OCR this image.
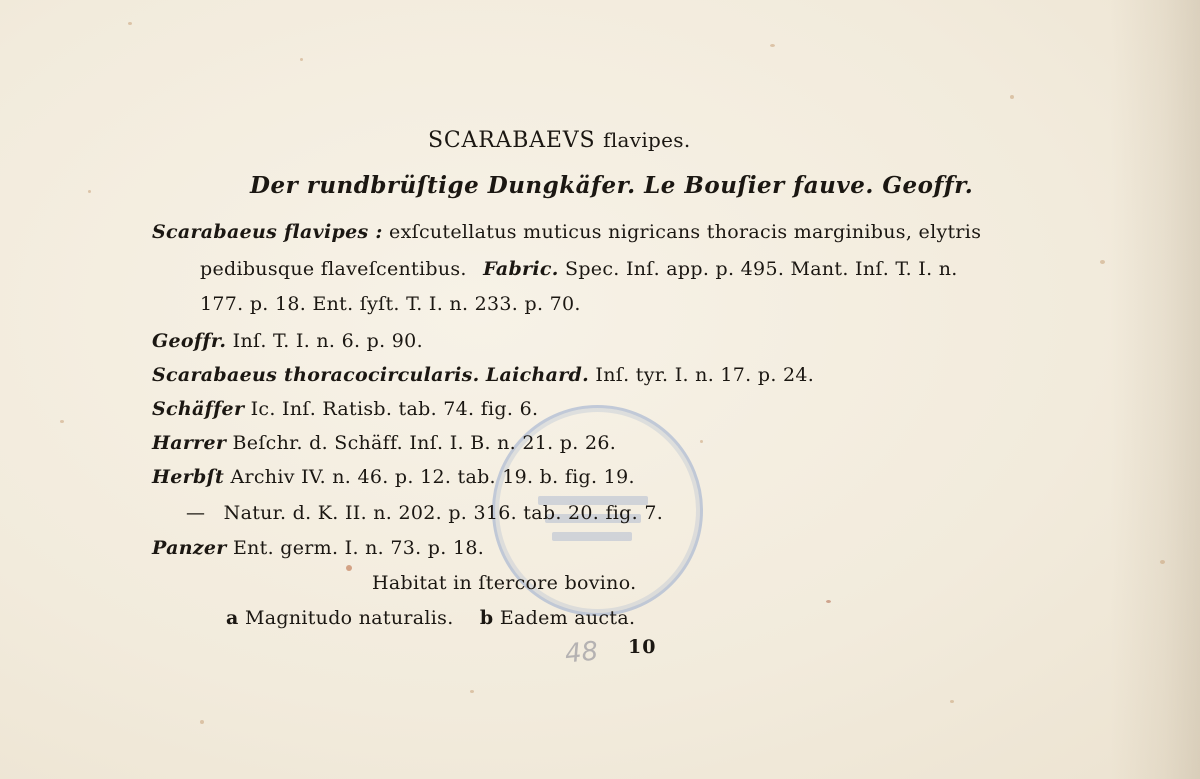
SCARABAEVS flavipes.
Der rundbrüſtige Dungkäfer. Le Bouſier fauve. Geoffr.
Scarabaeus flavipes : exſcutellatus muticus nigricans thoracis marginibus, elytris
pedibusque flaveſcentibus. Fabric. Spec. Inſ. app. p. 495. Mant. Inſ. T. I. n.
177. p. 18. Ent. ſyſt. T. I. n. 233. p. 70.
Geoffr. Inſ. T. I. n. 6. p. 90.
Scarabaeus thoracocircularis. Laichard. Inſ. tyr. I. n. 17. p. 24.
Schäffer Ic. Inſ. Ratisb. tab. 74. fig. 6.
Harrer Beſchr. d. Schäff. Inſ. I. B. n. 21. p. 26.
Herbſt Archiv IV. n. 46. p. 12. tab. 19. b. fig. 19.
— Natur. d. K. II. n. 202. p. 316. tab. 20. fig. 7.
Panzer Ent. germ. I. n. 73. p. 18.
Habitat in ſtercore bovino.
a Magnitudo naturalis. b Eadem aucta.
48 10
